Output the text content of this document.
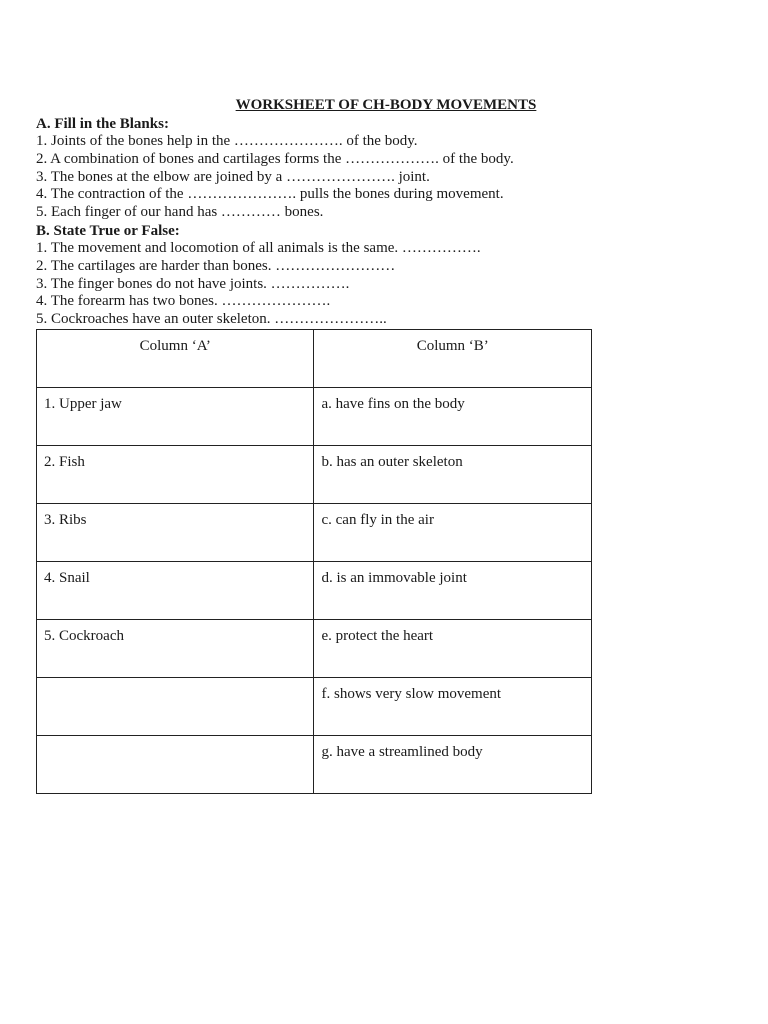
WORKSHEET OF CH-BODY MOVEMENTS
A. Fill in the Blanks:
1. Joints of the bones help in the …………………. of the body.
2. A combination of bones and cartilages forms the ………………. of the body.
3. The bones at the elbow are joined by a …………………. joint.
4. The contraction of the …………………. pulls the bones during movement.
5. Each finger of our hand has ………… bones.
B. State True or False:
1. The movement and locomotion of all animals is the same. …………….
2. The cartilages are harder than bones. ……………………
3. The finger bones do not have joints. …………….
4. The forearm has two bones. ………………….
5. Cockroaches have an outer skeleton. …………………..
Column ‘A’	Column ‘B’
1. Upper jaw	a. have fins on the body
2. Fish	b. has an outer skeleton
3. Ribs	c. can fly in the air
4. Snail	d. is an immovable joint
5. Cockroach	e. protect the heart
	f. shows very slow movement
	g. have a streamlined body
